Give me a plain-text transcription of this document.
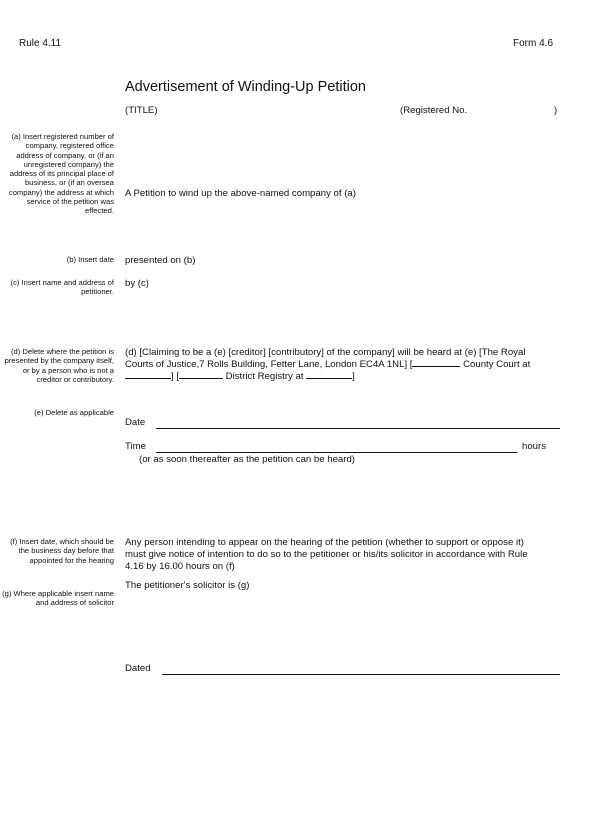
Rule 4.11	Form 4.6
Advertisement of Winding-Up Petition
(TITLE)	(Registered No.	)
(a) Insert registered number of company, registered office address of company, or (if an unregistered company) the address of its principal place of business, or (if an oversea company) the address at which service of the petition was effected.
(b) Insert date
(c) Insert name and address of petitioner.
(d) Delete where the petition is presented by the company itself, or by a person who is not a creditor or contributory.
(e) Delete as applicable
(f) Insert date, which should be the business day before that appointed for the hearing
(g) Where applicable insert name and address of solicitor
A Petition to wind up the above-named company of (a)
presented on (b)
by (c)
(d) [Claiming to be a (e) [creditor] [contributory] of the company] will be heard at (e) [The Royal
Courts of Justice,7 Rolls Building, Fetter Lane, London EC4A 1NL] [	County Court at
] [	District Registry at	]
Date
Time	hours
(or as soon thereafter as the petition can be heard)
Any person intending to appear on the hearing of the petition (whether to support or oppose it)
must give notice of intention to do so to the petitioner or his/its solicitor in accordance with Rule
4.16 by 16.00 hours on (f)
The petitioner's solicitor is (g)
Dated
